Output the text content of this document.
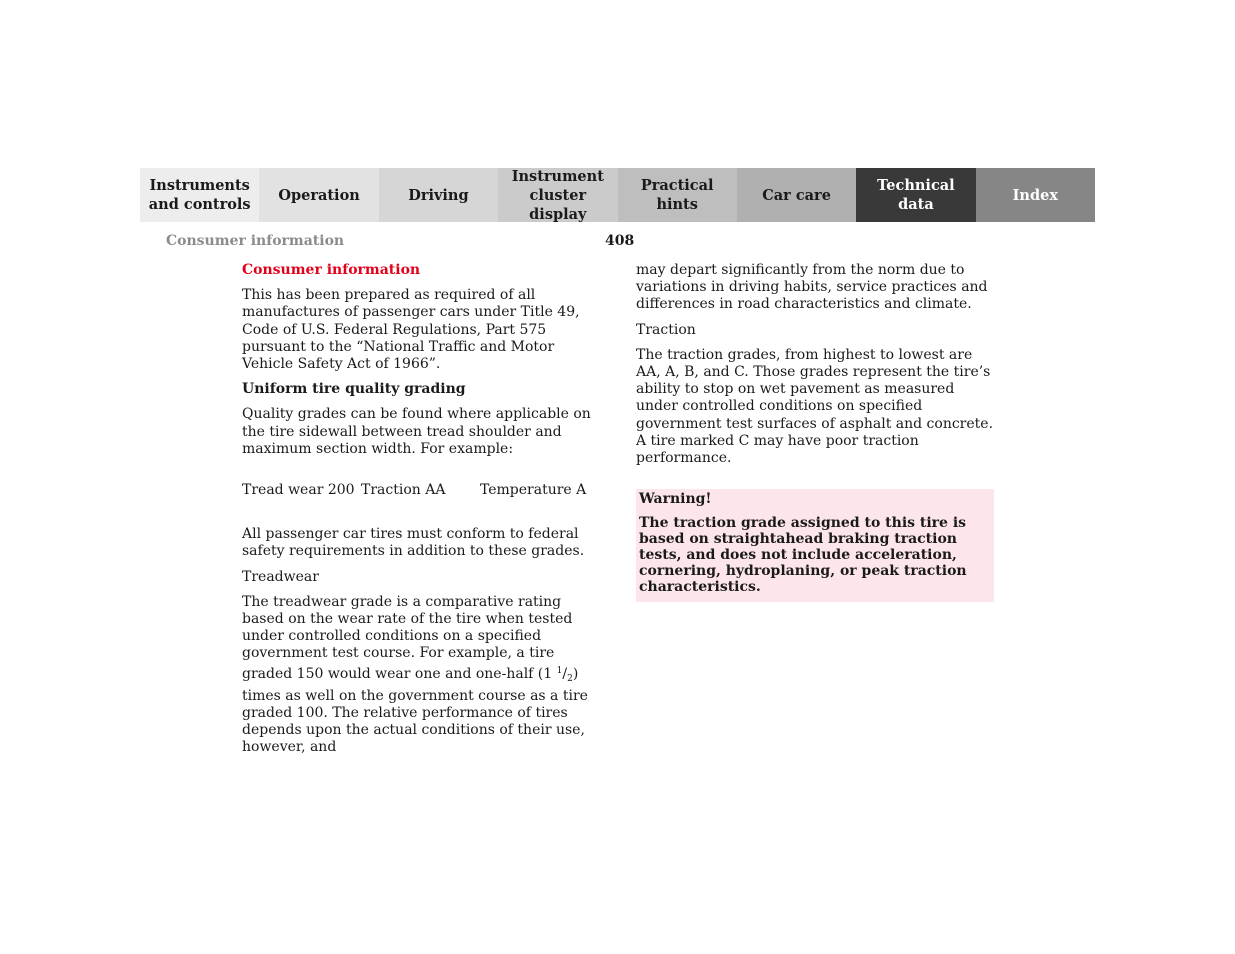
Instruments
and controls
Operation	Driving
Instrument
cluster display
Practical hints
Car care
Technical
data
Index
Consumer information	408
Consumer information

This has been prepared as required of all manufactures of passenger cars under Title 49, Code of U.S. Federal Regulations, Part 575 pursuant to the “National Traffic and Motor Vehicle Safety Act of 1966”.

Uniform tire quality grading

Quality grades can be found where applicable on the tire sidewall between tread shoulder and maximum section width. For example:

Tread wear 200 Traction AA	Temperature A

All passenger car tires must conform to federal safety requirements in addition to these grades.

Treadwear

The treadwear grade is a comparative rating based on the wear rate of the tire when tested under controlled conditions on a specified government test course. For example, a tire graded 150 would wear one and one-half (1 $^1/_2$) times as well on the government course as a tire graded 100. The relative performance of tires depends upon the actual conditions of their use, however, and

may depart significantly from the norm due to variations in driving habits, service practices and differences in road characteristics and climate.

Traction

The traction grades, from highest to lowest are AA, A, B, and C. Those grades represent the tire’s ability to stop on wet pavement as measured under controlled conditions on specified government test surfaces of asphalt and concrete. A tire marked C may have poor traction performance.

Warning!

The traction grade assigned to this tire is based on straightahead braking traction tests, and does not include acceleration, cornering, hydroplaning, or peak traction characteristics.
